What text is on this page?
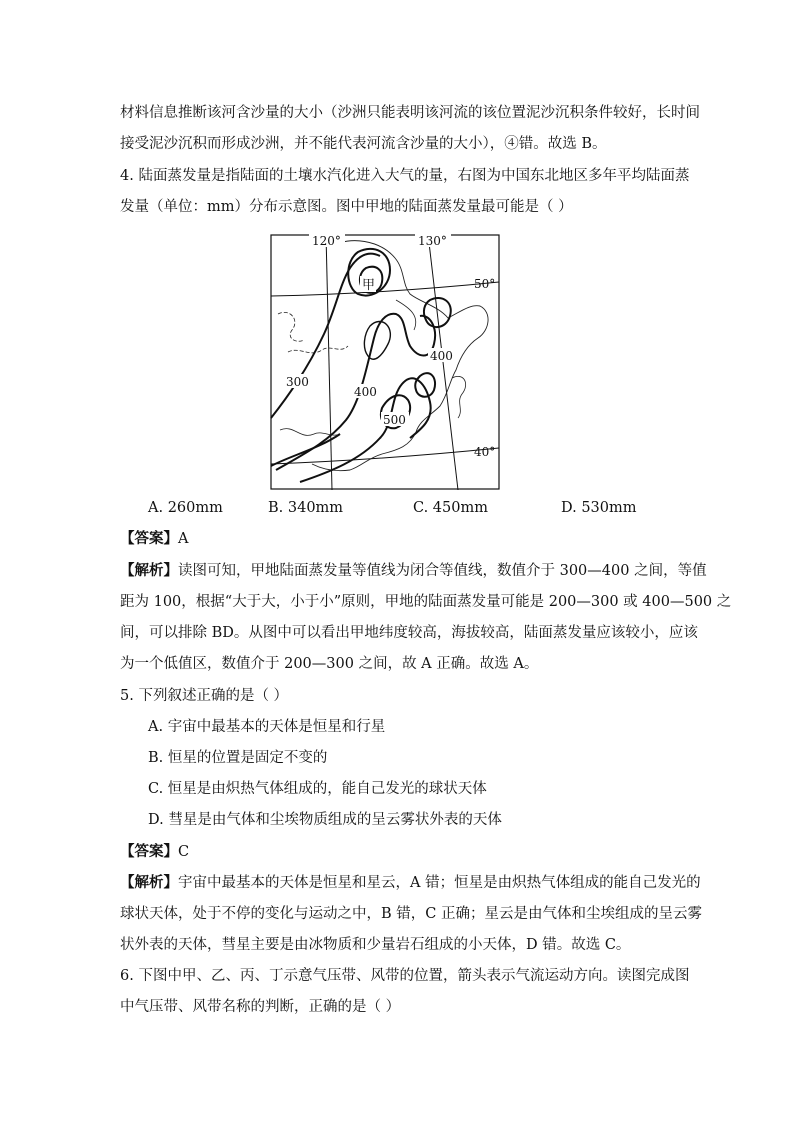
材料信息推断该河含沙量的大小（沙洲只能表明该河流的该位置泥沙沉积条件较好，长时间
接受泥沙沉积而形成沙洲，并不能代表河流含沙量的大小），④错。故选 B。
4. 陆面蒸发量是指陆面的土壤水汽化进入大气的量，右图为中国东北地区多年平均陆面蒸
发量（单位：mm）分布示意图。图中甲地的陆面蒸发量最可能是（ ）
120°	130°
50°
40°
甲
300
400
400
500
A. 260mm	B. 340mm	C. 450mm	D. 530mm
【答案】A
【解析】读图可知，甲地陆面蒸发量等值线为闭合等值线，数值介于 300—400 之间，等值
距为 100，根据“大于大，小于小”原则，甲地的陆面蒸发量可能是 200—300 或 400—500 之
间，可以排除 BD。从图中可以看出甲地纬度较高，海拔较高，陆面蒸发量应该较小，应该
为一个低值区，数值介于 200—300 之间，故 A 正确。故选 A。
5. 下列叙述正确的是（ ）
A. 宇宙中最基本的天体是恒星和行星
B. 恒星的位置是固定不变的
C. 恒星是由炽热气体组成的，能自己发光的球状天体
D. 彗星是由气体和尘埃物质组成的呈云雾状外表的天体
【答案】C
【解析】宇宙中最基本的天体是恒星和星云，A 错；恒星是由炽热气体组成的能自己发光的
球状天体，处于不停的变化与运动之中，B 错，C 正确；星云是由气体和尘埃组成的呈云雾
状外表的天体，彗星主要是由冰物质和少量岩石组成的小天体，D 错。故选 C。
6. 下图中甲、乙、丙、丁示意气压带、风带的位置，箭头表示气流运动方向。读图完成图
中气压带、风带名称的判断，正确的是（ ）
